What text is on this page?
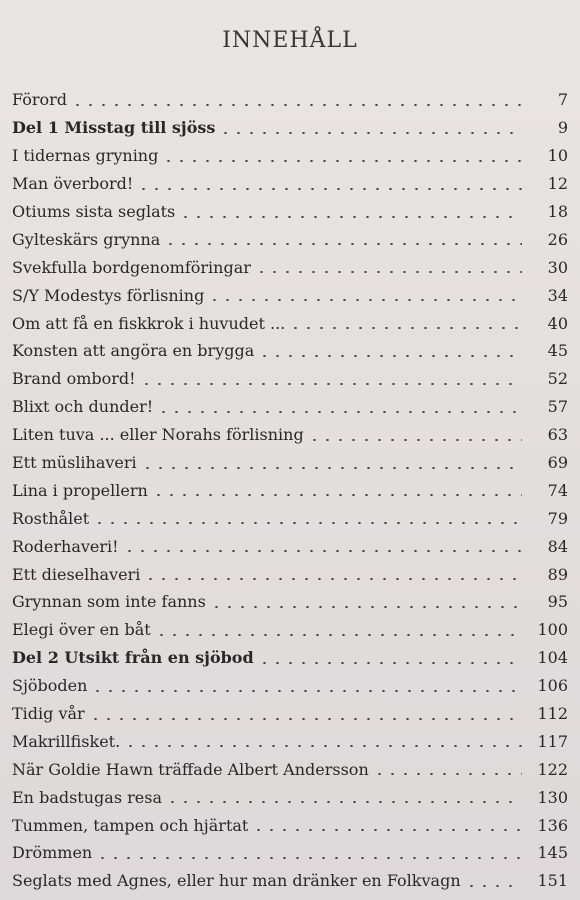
INNEHÅLL
Förord	7
Del 1 Misstag till sjöss	9
I tidernas gryning	10
Man överbord!	12
Otiums sista seglats	18
Gylteskärs grynna	26
Svekfulla bordgenomföringar	30
S/Y Modestys förlisning	34
Om att få en fiskkrok i huvudet ...	40
Konsten att angöra en brygga	45
Brand ombord!	52
Blixt och dunder!	57
Liten tuva ... eller Norahs förlisning	63
Ett müslihaveri	69
Lina i propellern	74
Rosthålet	79
Roderhaveri!	84
Ett dieselhaveri	89
Grynnan som inte fanns	95
Elegi över en båt	100
Del 2 Utsikt från en sjöbod	104
Sjöboden	106
Tidig vår	112
Makrillfisket.	117
När Goldie Hawn träffade Albert Andersson	122
En badstugas resa	130
Tummen, tampen och hjärtat	136
Drömmen	145
Seglats med Agnes, eller hur man dränker en Folkvagn	151
